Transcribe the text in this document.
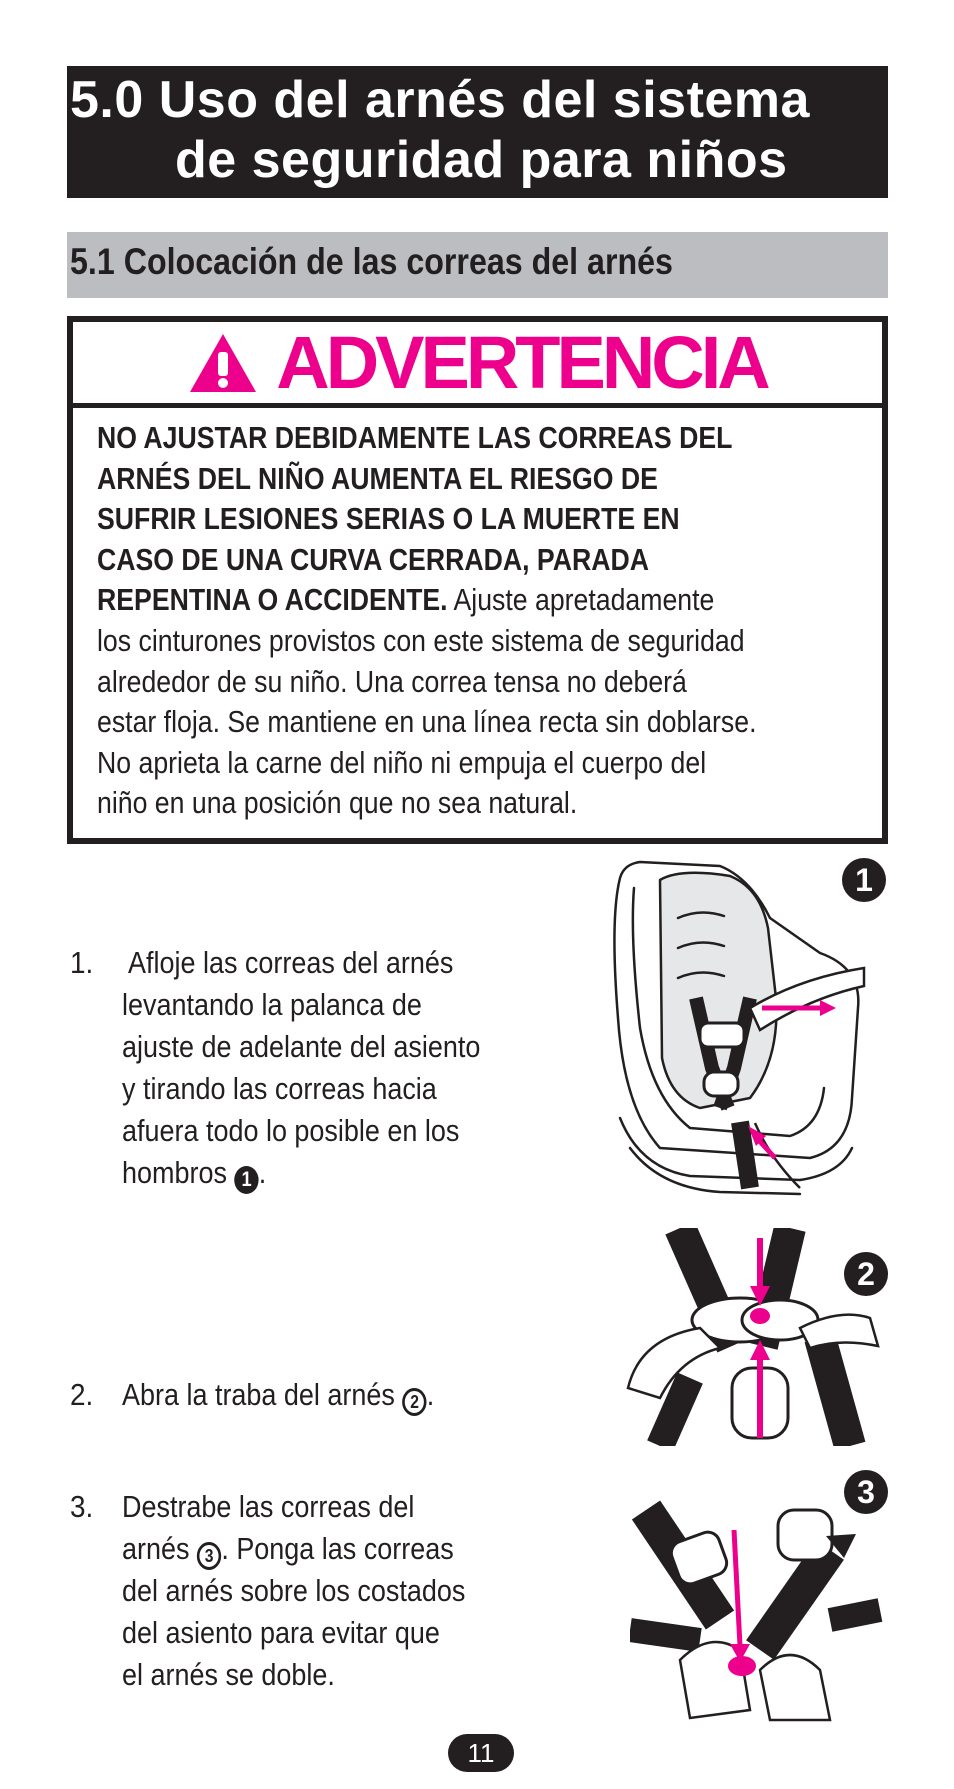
5.0 Uso del arnés del sistema
de seguridad para niños
5.1 Colocación de las correas del arnés
ADVERTENCIA
NO AJUSTAR DEBIDAMENTE LAS CORREAS DEL
ARNÉS DEL NIÑO AUMENTA EL RIESGO DE
SUFRIR LESIONES SERIAS O LA MUERTE EN
CASO DE UNA CURVA CERRADA, PARADA
REPENTINA O ACCIDENTE. Ajuste apretadamente
los cinturones provistos con este sistema de seguridad
alrededor de su niño. Una correa tensa no deberá
estar floja. Se mantiene en una línea recta sin doblarse.
No aprieta la carne del niño ni empuja el cuerpo del
niño en una posición que no sea natural.
1. Afloje las correas del arnés
levantando la palanca de
ajuste de adelante del asiento
y tirando las correas hacia
afuera todo lo posible en los
hombros 1 .
2. Abra la traba del arnés 2 .
3. Destrabe las correas del
arnés 3 . Ponga las correas
del arnés sobre los costados
del asiento para evitar que
el arnés se doble.
1
2
3
11
